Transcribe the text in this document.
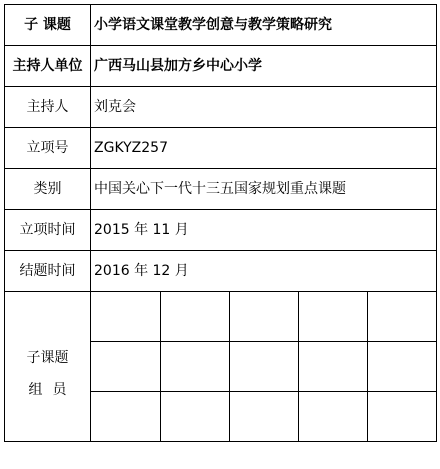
子 课题	小学语文课堂教学创意与教学策略研究
主持人单位	广西马山县加方乡中心小学
主持人	刘克会
立项号	ZGKYZ257
类别	中国关心下一代十三五国家规划重点课题
立项时间	2015 年 11 月
结题时间	2016 年 12 月

子课题
组员
